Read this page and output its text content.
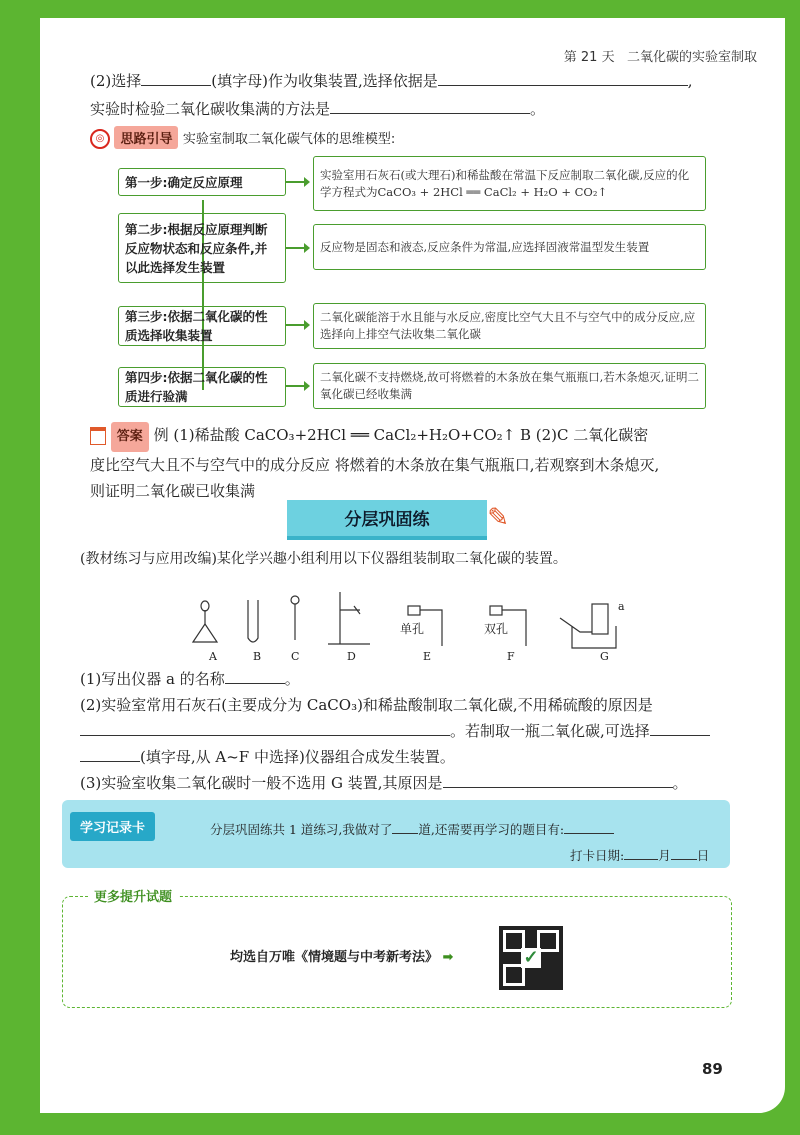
第 21 天 二氧化碳的实验室制取
(2)选择	(填字母)作为收集装置,选择依据是	,
实验时检验二氧化碳收集满的方法是	。
◎ 思路引导 实验室制取二氧化碳气体的思维模型:
第一步:确定反应原理	实验室用石灰石(或大理石)和稀盐酸在常温下反应制取二氧化碳,反应的化学方程式为CaCO₃ + 2HCl ══ CaCl₂ + H₂O + CO₂↑
第二步:根据反应原理判断反应物状态和反应条件,并以此选择发生装置
反应物是固态和液态,反应条件为常温,应选择固液常温型发生装置
第三步:依据二氧化碳的性质选择收集装置
二氧化碳能溶于水且能与水反应,密度比空气大且不与空气中的成分反应,应选择向上排空气法收集二氧化碳
第四步:依据二氧化碳的性质进行验满
二氧化碳不支持燃烧,故可将燃着的木条放在集气瓶瓶口,若木条熄灭,证明二氧化碳已经收集满
答案 例 (1)稀盐酸 CaCO₃+2HCl ══ CaCl₂+H₂O+CO₂↑ B (2)C 二氧化碳密
度比空气大且不与空气中的成分反应 将燃着的木条放在集气瓶瓶口,若观察到木条熄灭,
则证明二氧化碳已收集满
分层巩固练 ✎
(教材练习与应用改编)某化学兴趣小组利用以下仪器组装制取二氧化碳的装置。
A	B	C	D	E	F	G
单孔	双孔
a
(1)写出仪器 a 的名称	。
(2)实验室常用石灰石(主要成分为 CaCO₃)和稀盐酸制取二氧化碳,不用稀硫酸的原因是
。若制取一瓶二氧化碳,可选择
(填字母,从 A~F 中选择)仪器组合成发生装置。
(3)实验室收集二氧化碳时一般不选用 G 装置,其原因是	。
学习记录卡	分层巩固练共 1 道练习,我做对了 道,还需要再学习的题目有:
打卡日期:	月 日
更多提升试题
均选自万唯《情境题与中考新考法》 ➡	✓
89
